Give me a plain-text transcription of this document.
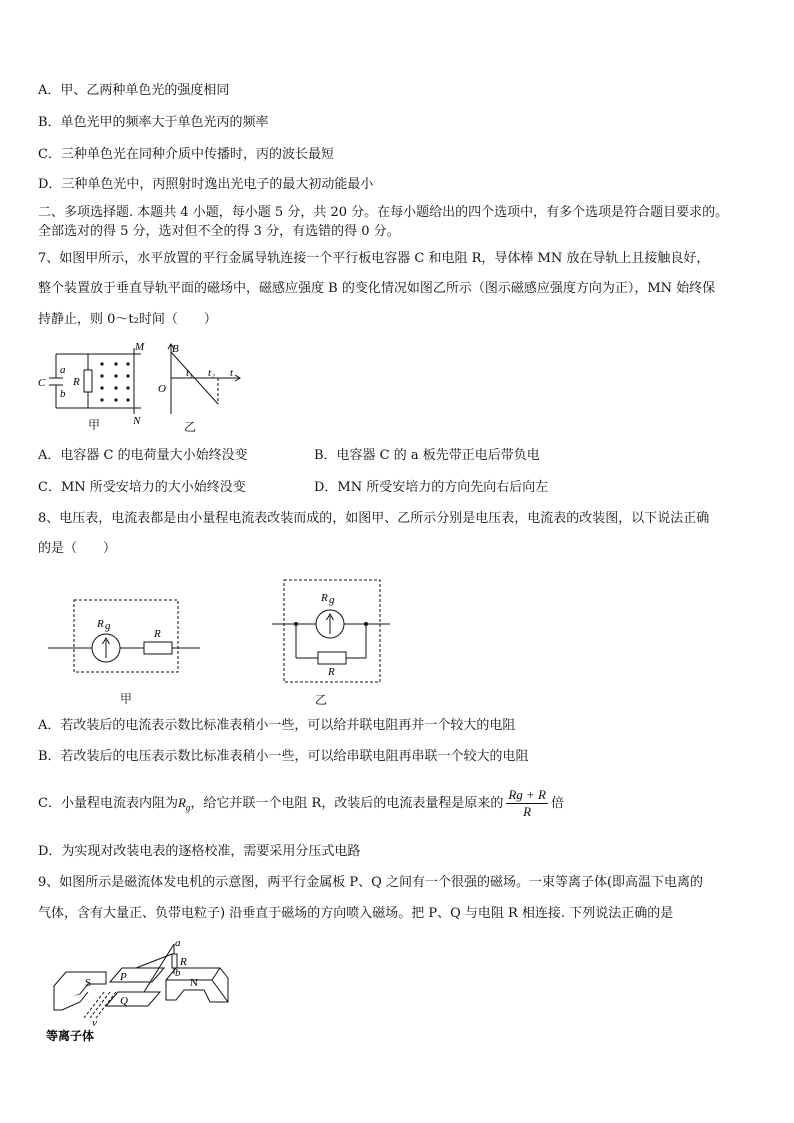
A．甲、乙两种单色光的强度相同
B．单色光甲的频率大于单色光丙的频率
C．三种单色光在同种介质中传播时，丙的波长最短
D．三种单色光中，丙照射时逸出光电子的最大初动能最小
二、多项选择题. 本题共 4 小题，每小题 5 分，共 20 分。在每小题给出的四个选项中，有多个选项是符合题目要求的。
全部选对的得 5 分，选对但不全的得 3 分，有选错的得 0 分。
7、如图甲所示，水平放置的平行金属导轨连接一个平行板电容器 C 和电阻 R，导体棒 MN 放在导轨上且接触良好，
整个装置放于垂直导轨平面的磁场中，磁感应强度 B 的变化情况如图乙所示（图示磁感应强度方向为正），MN 始终保
持静止，则 0～t₂时间（　　）
C
a
b
R
M
N
甲
B
O
t₁ t₂ t
乙
A．电容器 C 的电荷量大小始终没变	B．电容器 C 的 a 板先带正电后带负电
C．MN 所受安培力的大小始终没变	D．MN 所受安培力的方向先向右后向左
8、电压表，电流表都是由小量程电流表改装而成的，如图甲、乙所示分别是电压表，电流表的改装图，以下说法正确
的是（　　）
R g
R
甲
R g
R
乙
A．若改装后的电流表示数比标准表稍小一些，可以给并联电阻再并一个较大的电阻
B．若改装后的电压表示数比标准表稍小一些，可以给串联电阻再串联一个较大的电阻
C．小量程电流表内阻为$R_g$，给它并联一个电阻 R，改装后的电流表量程是原来的 $\frac{Rg + R}{R}$ 倍
D．为实现对改装电表的逐格校准，需要采用分压式电路
9、如图所示是磁流体发电机的示意图，两平行金属板 P、Q 之间有一个很强的磁场。一束等离子体(即高温下电离的
气体，含有大量正、负带电粒子) 沿垂直于磁场的方向喷入磁场。把 P、Q 与电阻 R 相连接. 下列说法正确的是
S	N
P
Q
a
R
b
v
等离子体
